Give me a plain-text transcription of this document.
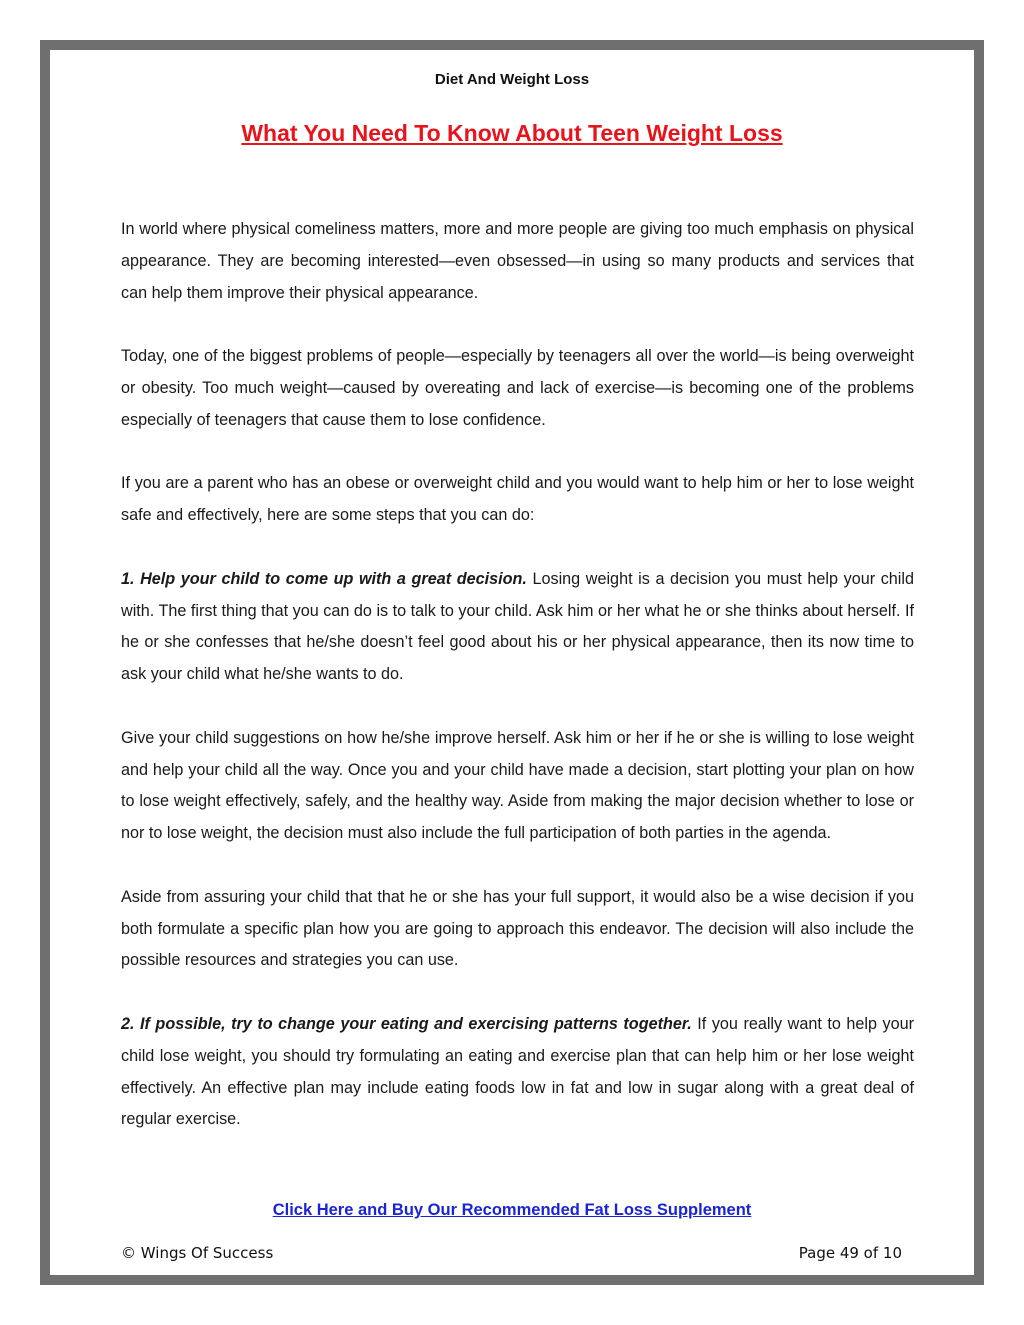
Diet And Weight Loss
What You Need To Know About Teen Weight Loss

In world where physical comeliness matters, more and more people are giving too much emphasis on physical appearance. They are becoming interested—even obsessed—in using so many products and services that can help them improve their physical appearance.

Today, one of the biggest problems of people—especially by teenagers all over the world—is being overweight or obesity. Too much weight—caused by overeating and lack of exercise—is becoming one of the problems especially of teenagers that cause them to lose confidence.

If you are a parent who has an obese or overweight child and you would want to help him or her to lose weight safe and effectively, here are some steps that you can do:

1. Help your child to come up with a great decision. Losing weight is a decision you must help your child with. The first thing that you can do is to talk to your child. Ask him or her what he or she thinks about herself. If he or she confesses that he/she doesn’t feel good about his or her physical appearance, then its now time to ask your child what he/she wants to do.

Give your child suggestions on how he/she improve herself. Ask him or her if he or she is willing to lose weight and help your child all the way. Once you and your child have made a decision, start plotting your plan on how to lose weight effectively, safely, and the healthy way. Aside from making the major decision whether to lose or nor to lose weight, the decision must also include the full participation of both parties in the agenda.

Aside from assuring your child that that he or she has your full support, it would also be a wise decision if you both formulate a specific plan how you are going to approach this endeavor. The decision will also include the possible resources and strategies you can use.

2. If possible, try to change your eating and exercising patterns together. If you really want to help your child lose weight, you should try formulating an eating and exercise plan that can help him or her lose weight effectively. An effective plan may include eating foods low in fat and low in sugar along with a great deal of regular exercise.

Click Here and Buy Our Recommended Fat Loss Supplement
© Wings Of Success	Page 49 of 10
